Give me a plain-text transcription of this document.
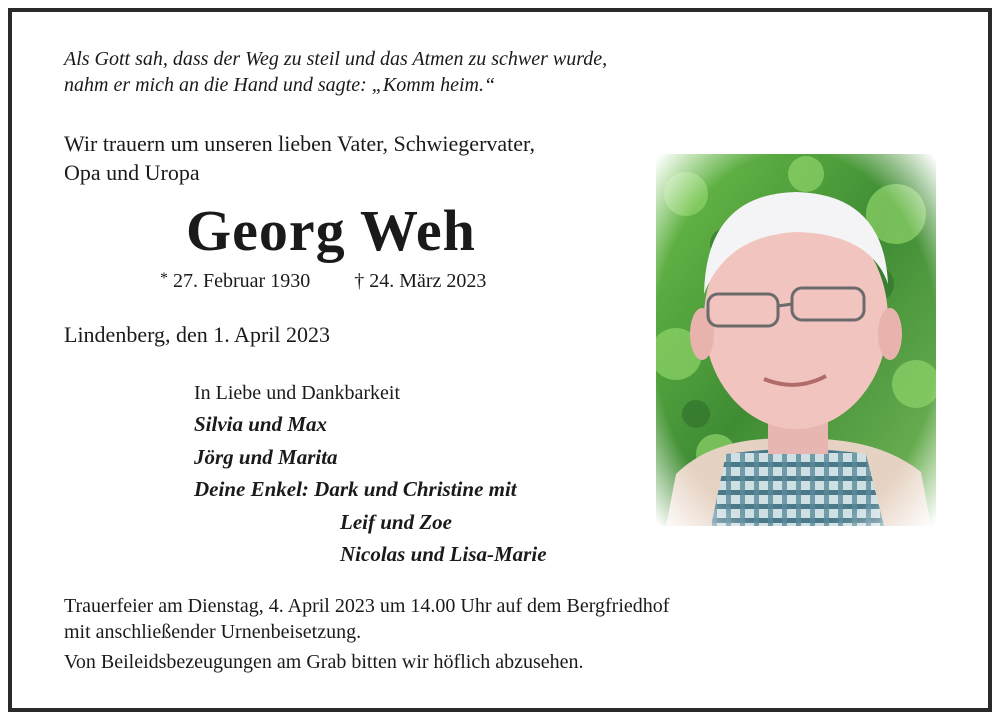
Als Gott sah, dass der Weg zu steil und das Atmen zu schwer wurde,
nahm er mich an die Hand und sagte: „Komm heim.“
Wir trauern um unseren lieben Vater, Schwiegervater,
Opa und Uropa
Georg Weh
* 27. Februar 1930 † 24. März 2023
Lindenberg, den 1. April 2023
In Liebe und Dankbarkeit
Silvia und Max
Jörg und Marita
Deine Enkel: Dark und Christine mit
Leif und Zoe
Nicolas und Lisa-Marie
Trauerfeier am Dienstag, 4. April 2023 um 14.00 Uhr auf dem Bergfriedhof
mit anschließender Urnenbeisetzung.
Von Beileidsbezeugungen am Grab bitten wir höflich abzusehen.
